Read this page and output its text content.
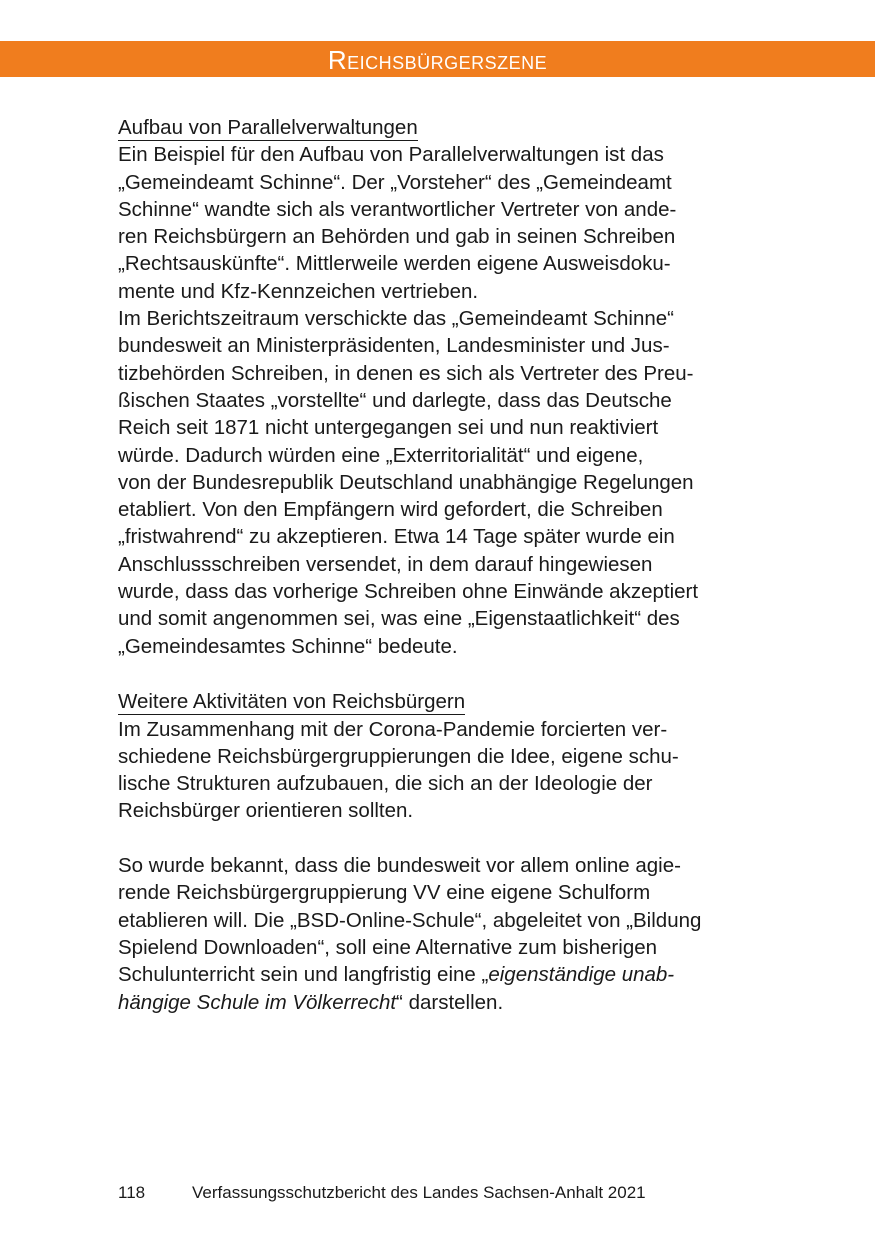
Reichsbürgerszene
Aufbau von Parallelverwaltungen
Ein Beispiel für den Aufbau von Parallelverwaltungen ist das
„Gemeindeamt Schinne“. Der „Vorsteher“ des „Gemeindeamt
Schinne“ wandte sich als verantwortlicher Vertreter von ande-
ren Reichsbürgern an Behörden und gab in seinen Schreiben
„Rechtsauskünfte“. Mittlerweile werden eigene Ausweisdoku-
mente und Kfz-Kennzeichen vertrieben.
Im Berichtszeitraum verschickte das „Gemeindeamt Schinne“
bundesweit an Ministerpräsidenten, Landesminister und Jus-
tizbehörden Schreiben, in denen es sich als Vertreter des Preu-
ßischen Staates „vorstellte“ und darlegte, dass das Deutsche
Reich seit 1871 nicht untergegangen sei und nun reaktiviert
würde. Dadurch würden eine „Exterritorialität“ und eigene,
von der Bundesrepublik Deutschland unabhängige Regelungen
etabliert. Von den Empfängern wird gefordert, die Schreiben
„fristwahrend“ zu akzeptieren. Etwa 14 Tage später wurde ein
Anschlussschreiben versendet, in dem darauf hingewiesen
wurde, dass das vorherige Schreiben ohne Einwände akzeptiert
und somit angenommen sei, was eine „Eigenstaatlichkeit“ des
„Gemeindesamtes Schinne“ bedeute.
Weitere Aktivitäten von Reichsbürgern
Im Zusammenhang mit der Corona-Pandemie forcierten ver-
schiedene Reichsbürgergruppierungen die Idee, eigene schu-
lische Strukturen aufzubauen, die sich an der Ideologie der
Reichsbürger orientieren sollten.
So wurde bekannt, dass die bundesweit vor allem online agie-
rende Reichsbürgergruppierung VV eine eigene Schulform
etablieren will. Die „BSD-Online-Schule“, abgeleitet von „Bildung
Spielend Downloaden“, soll eine Alternative zum bisherigen
Schulunterricht sein und langfristig eine „eigenständige unab-
hängige Schule im Völkerrecht“ darstellen.
118	Verfassungsschutzbericht des Landes Sachsen-Anhalt 2021
